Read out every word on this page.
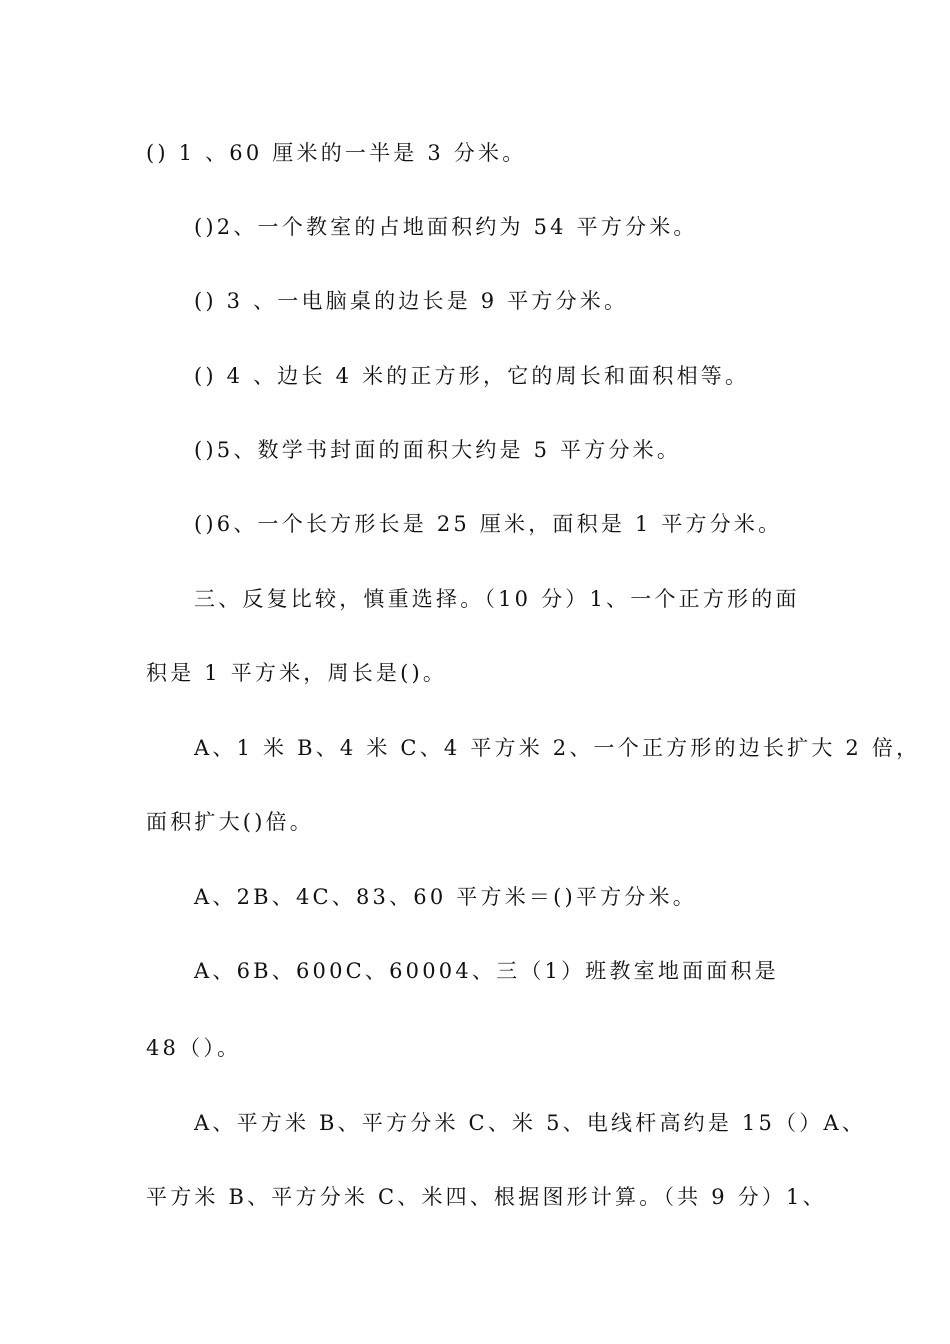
() 1 、60 厘米的一半是 3 分米。
()2、一个教室的占地面积约为 54 平方分米。
() 3 、一电脑桌的边长是 9 平方分米。
() 4 、边长 4 米的正方形，它的周长和面积相等。
()5、数学书封面的面积大约是 5 平方分米。
()6、一个长方形长是 25 厘米，面积是 1 平方分米。
三、反复比较，慎重选择。（10 分）1、一个正方形的面
积是 1 平方米，周长是()。
A、1 米 B、4 米 C、4 平方米 2、一个正方形的边长扩大 2 倍，
面积扩大()倍。
A、2B、4C、83、60 平方米＝()平方分米。
A、6B、600C、60004、三（1）班教室地面面积是
48（）。
A、平方米 B、平方分米 C、米 5、电线杆高约是 15（）A、
平方米 B、平方分米 C、米四、根据图形计算。（共 9 分）1、
